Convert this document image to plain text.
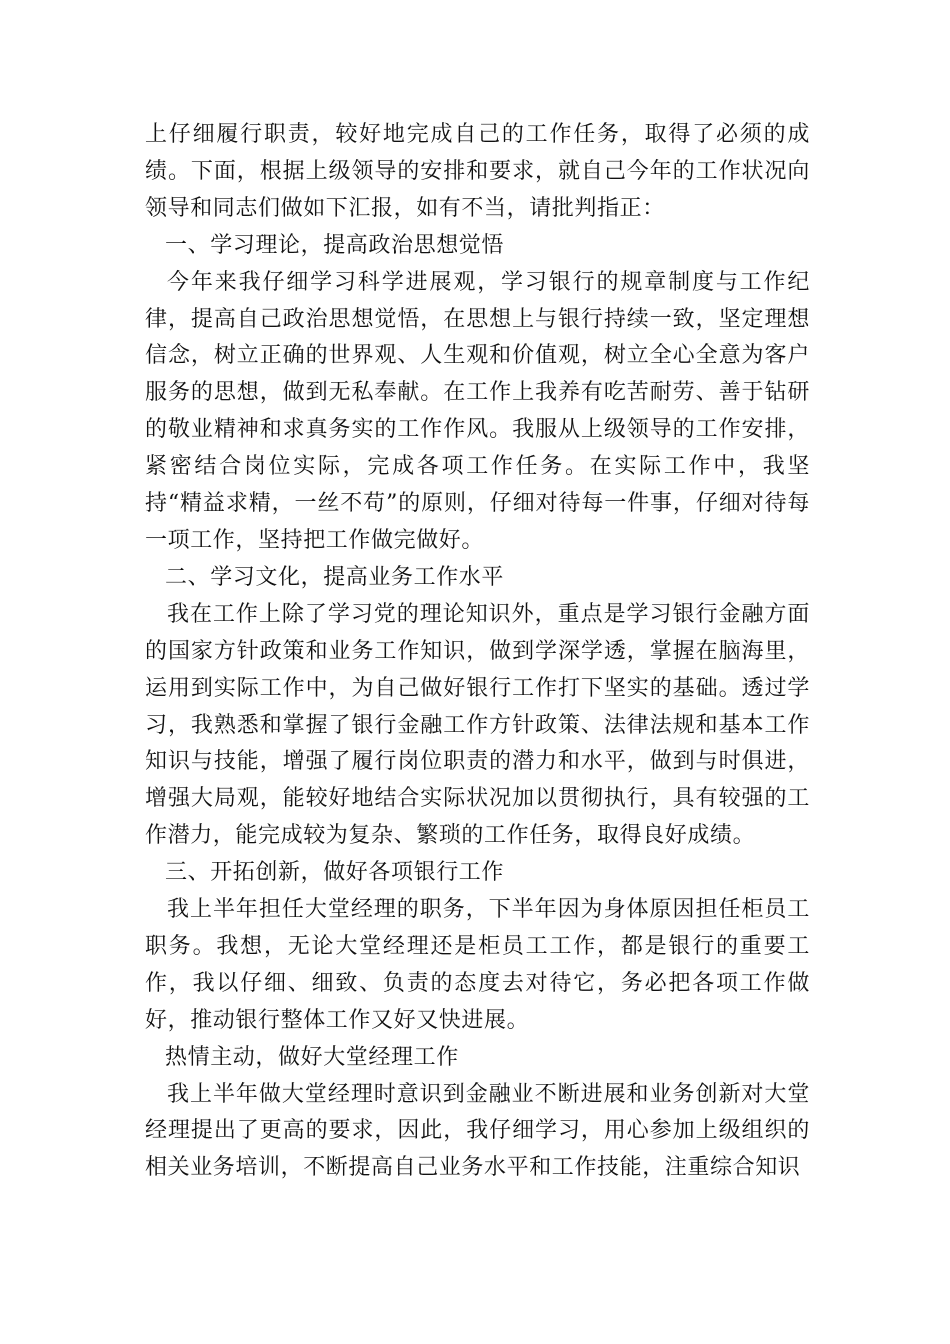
上仔细履行职责，较好地完成自己的工作任务，取得了必须的成绩。下面，根据上级领导的安排和要求，就自己今年的工作状况向领导和同志们做如下汇报，如有不当，请批判指正：

一、学习理论，提高政治思想觉悟

今年来我仔细学习科学进展观，学习银行的规章制度与工作纪律，提高自己政治思想觉悟，在思想上与银行持续一致，坚定理想信念，树立正确的世界观、人生观和价值观，树立全心全意为客户服务的思想，做到无私奉献。在工作上我养有吃苦耐劳、善于钻研的敬业精神和求真务实的工作作风。我服从上级领导的工作安排，紧密结合岗位实际，完成各项工作任务。在实际工作中，我坚持“精益求精，一丝不苟”的原则，仔细对待每一件事，仔细对待每一项工作，坚持把工作做完做好。

二、学习文化，提高业务工作水平

我在工作上除了学习党的理论知识外，重点是学习银行金融方面的国家方针政策和业务工作知识，做到学深学透，掌握在脑海里，运用到实际工作中，为自己做好银行工作打下坚实的基础。透过学习，我熟悉和掌握了银行金融工作方针政策、法律法规和基本工作知识与技能，增强了履行岗位职责的潜力和水平，做到与时俱进，增强大局观，能较好地结合实际状况加以贯彻执行，具有较强的工作潜力，能完成较为复杂、繁琐的工作任务，取得良好成绩。

三、开拓创新，做好各项银行工作

我上半年担任大堂经理的职务，下半年因为身体原因担任柜员工职务。我想，无论大堂经理还是柜员工工作，都是银行的重要工作，我以仔细、细致、负责的态度去对待它，务必把各项工作做好，推动银行整体工作又好又快进展。

热情主动，做好大堂经理工作

我上半年做大堂经理时意识到金融业不断进展和业务创新对大堂经理提出了更高的要求，因此，我仔细学习，用心参加上级组织的相关业务培训，不断提高自己业务水平和工作技能，注重综合知识
